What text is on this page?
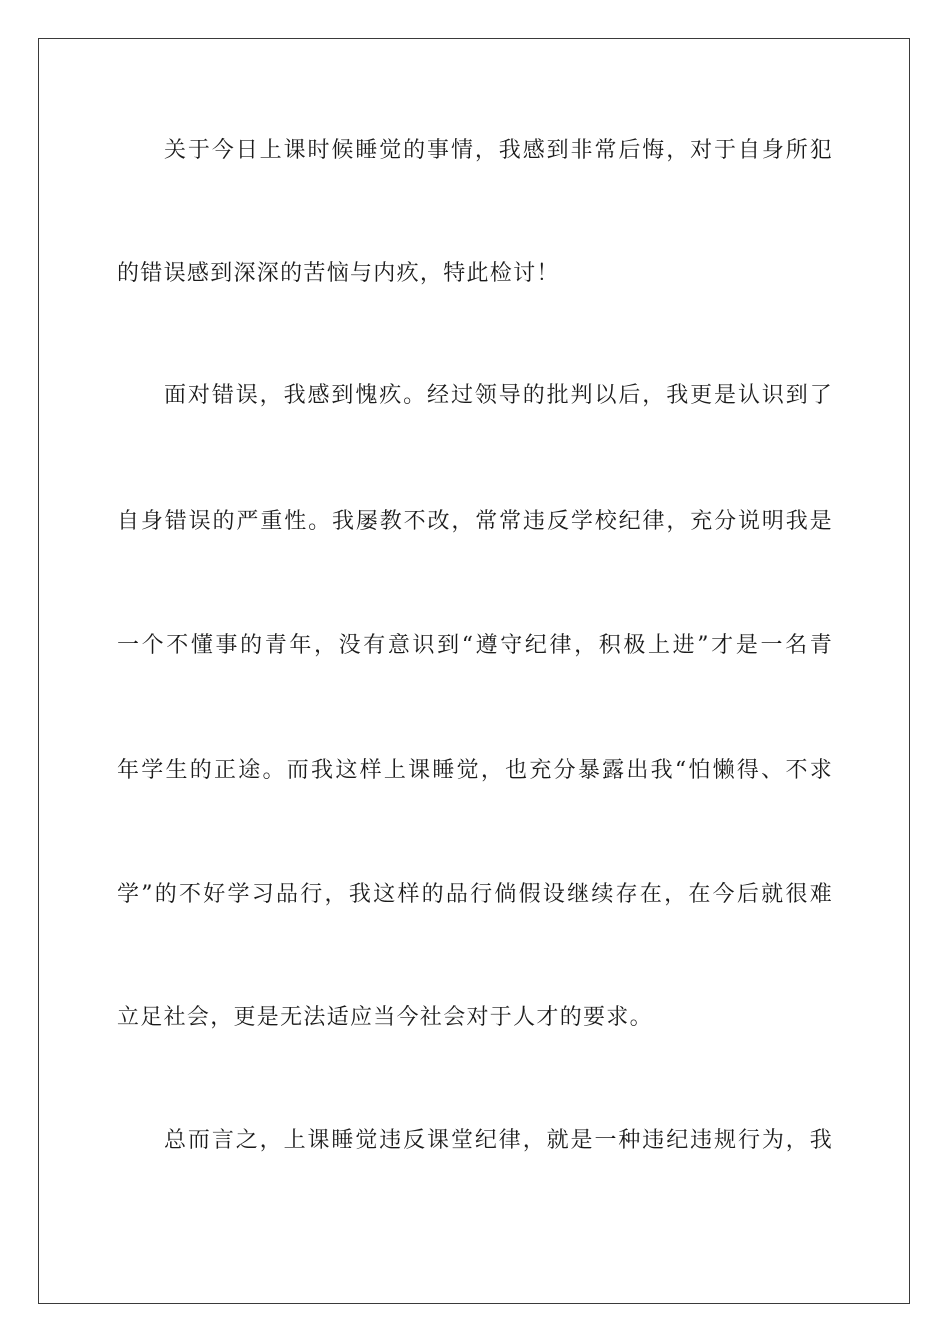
关于今日上课时候睡觉的事情，我感到非常后悔，对于自身所犯
的错误感到深深的苦恼与内疚，特此检讨！
面对错误，我感到愧疚。经过领导的批判以后，我更是认识到了
自身错误的严重性。我屡教不改，常常违反学校纪律，充分说明我是
一个不懂事的青年，没有意识到“遵守纪律，积极上进”才是一名青
年学生的正途。而我这样上课睡觉，也充分暴露出我“怕懒得、不求
学”的不好学习品行，我这样的品行倘假设继续存在，在今后就很难
立足社会，更是无法适应当今社会对于人才的要求。
总而言之，上课睡觉违反课堂纪律，就是一种违纪违规行为，我
